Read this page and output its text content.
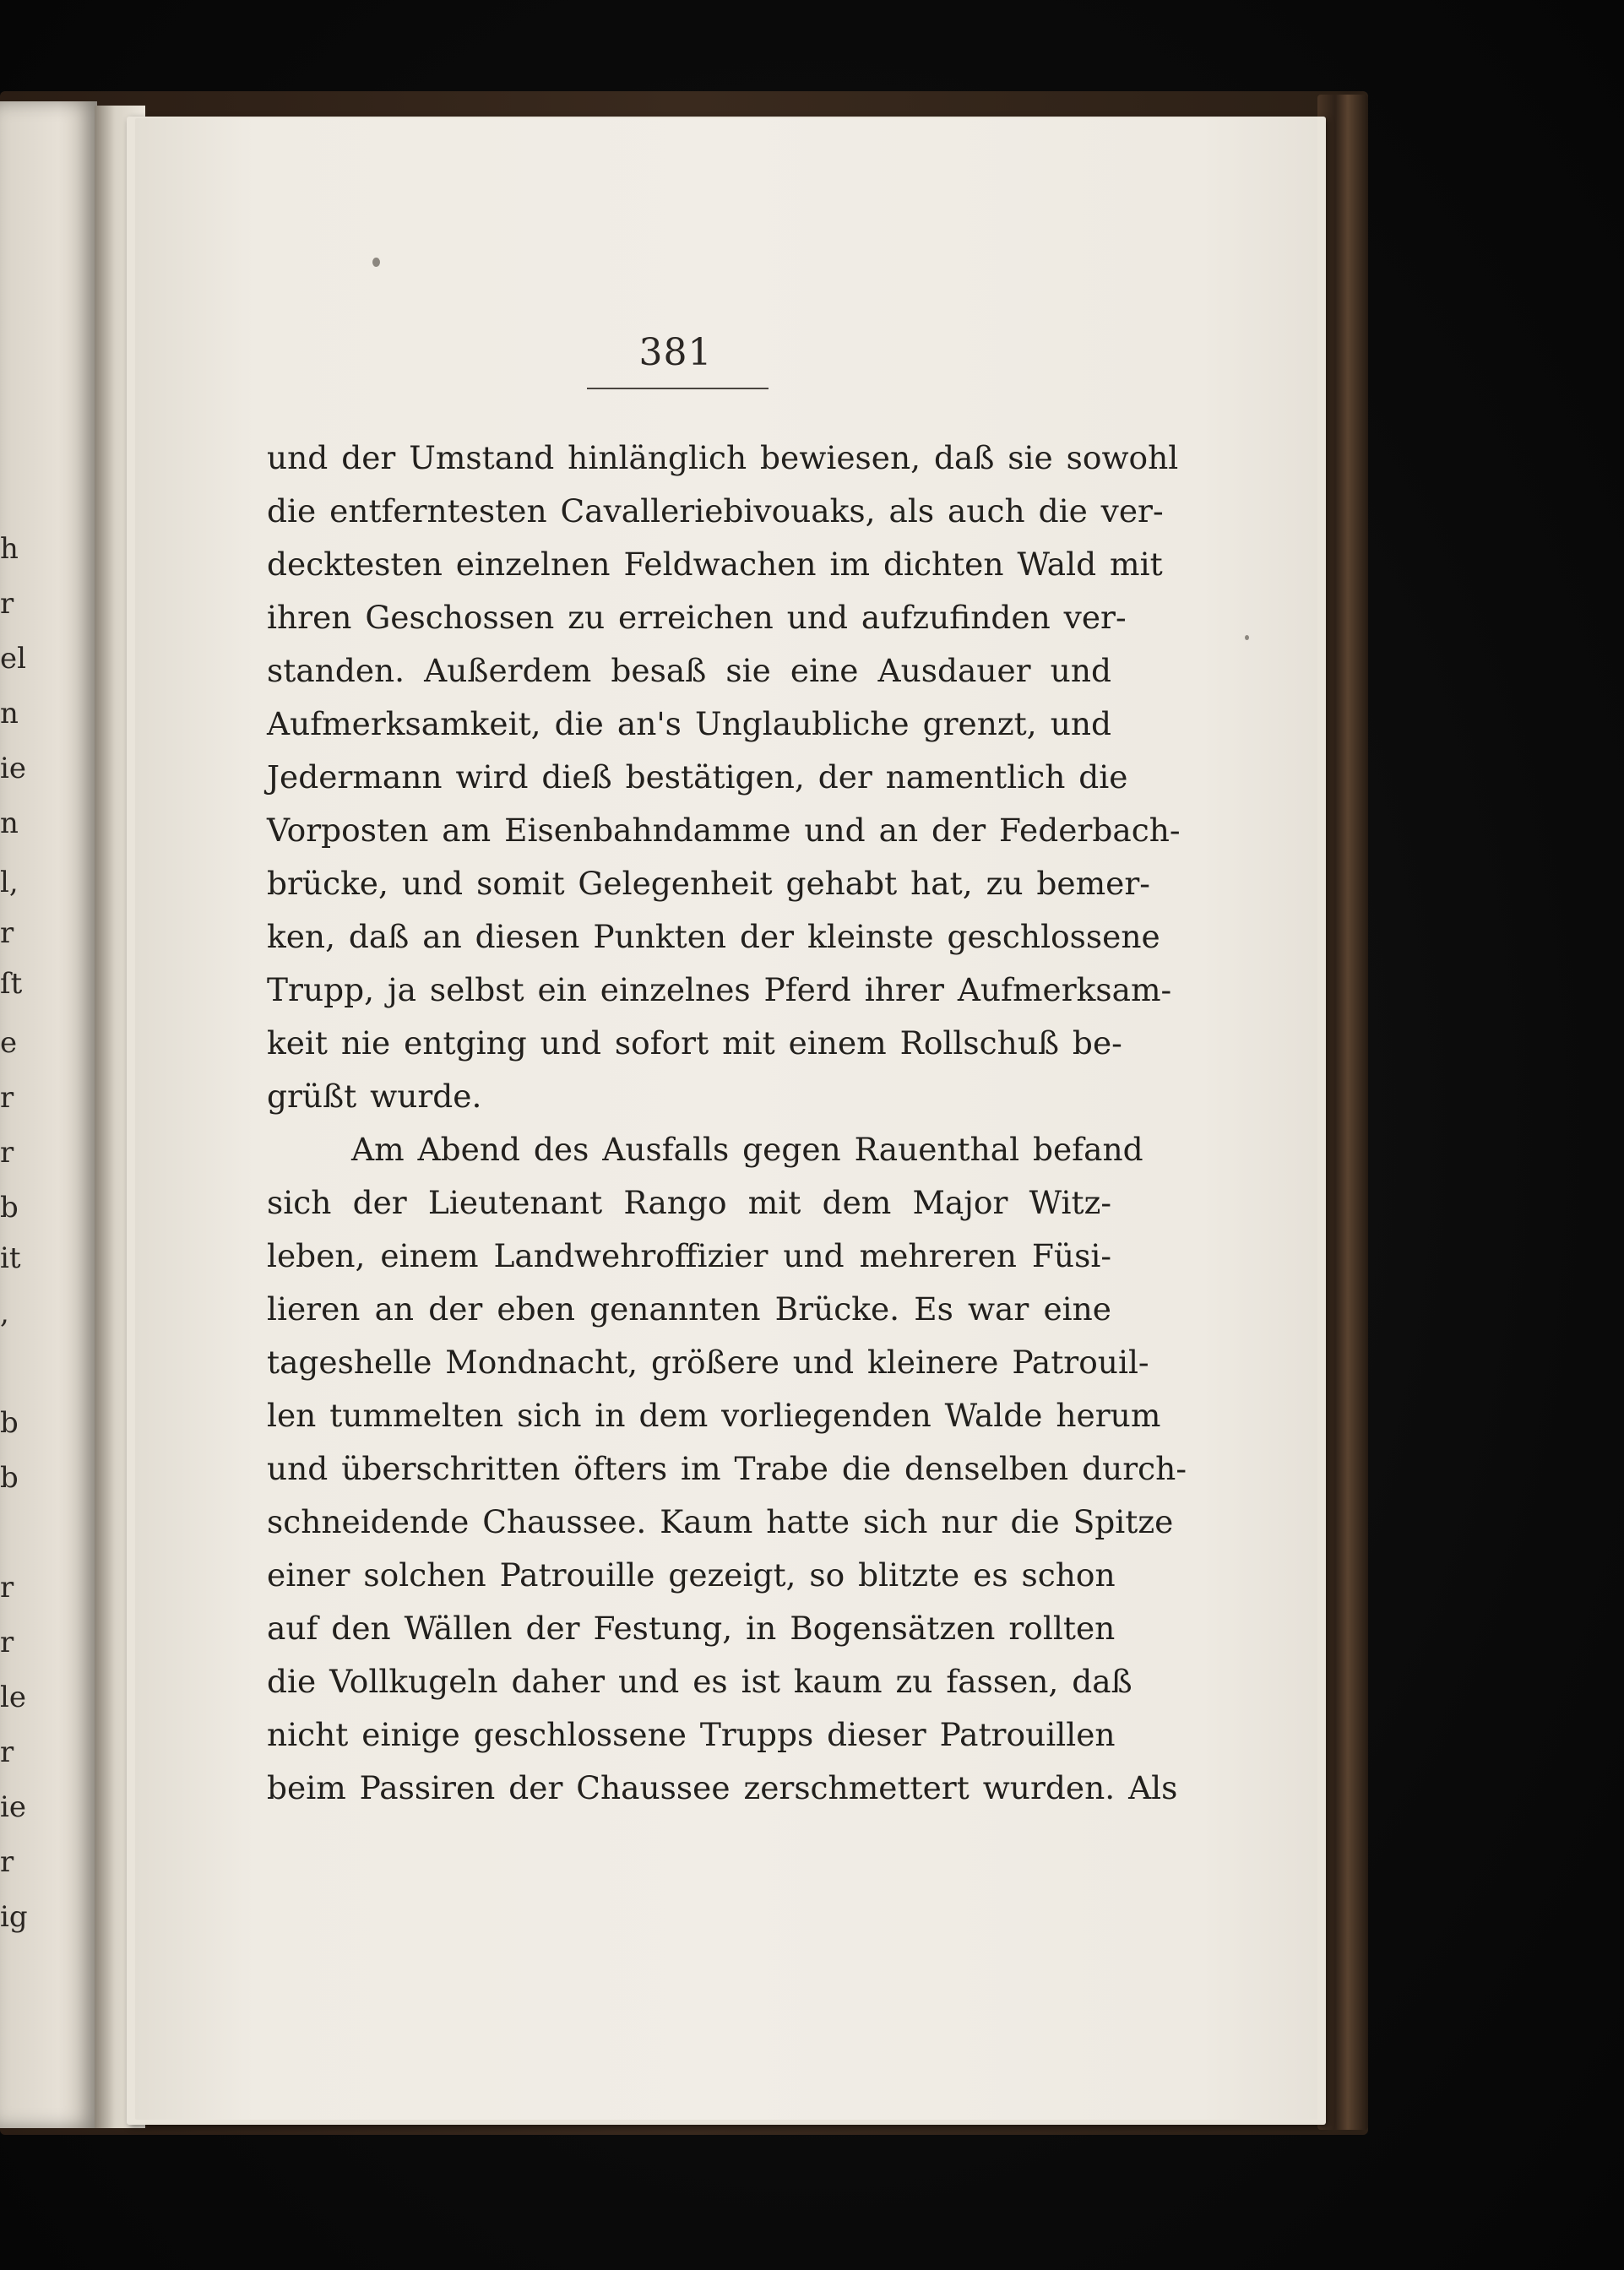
h
r
el
n
ie
n
l,
r
ſt
e
r
r
b
it
,
b
b
r
r
le
r
ie
r
ig
381
und der Umstand hinlänglich bewiesen, daß sie sowohl
die entferntesten Cavalleriebivouaks, als auch die ver-
decktesten einzelnen Feldwachen im dichten Wald mit
ihren Geschossen zu erreichen und aufzufinden ver-
standen. Außerdem besaß sie eine Ausdauer und
Aufmerksamkeit, die an's Unglaubliche grenzt, und
Jedermann wird dieß bestätigen, der namentlich die
Vorposten am Eisenbahndamme und an der Federbach-
brücke, und somit Gelegenheit gehabt hat, zu bemer-
ken, daß an diesen Punkten der kleinste geschlossene
Trupp, ja selbst ein einzelnes Pferd ihrer Aufmerksam-
keit nie entging und sofort mit einem Rollschuß be-
grüßt wurde.
Am Abend des Ausfalls gegen Rauenthal befand
sich der Lieutenant Rango mit dem Major Witz-
leben, einem Landwehroffizier und mehreren Füsi-
lieren an der eben genannten Brücke. Es war eine
tageshelle Mondnacht, größere und kleinere Patrouil-
len tummelten sich in dem vorliegenden Walde herum
und überschritten öfters im Trabe die denselben durch-
schneidende Chaussee. Kaum hatte sich nur die Spitze
einer solchen Patrouille gezeigt, so blitzte es schon
auf den Wällen der Festung, in Bogensätzen rollten
die Vollkugeln daher und es ist kaum zu fassen, daß
nicht einige geschlossene Trupps dieser Patrouillen
beim Passiren der Chaussee zerschmettert wurden. Als
